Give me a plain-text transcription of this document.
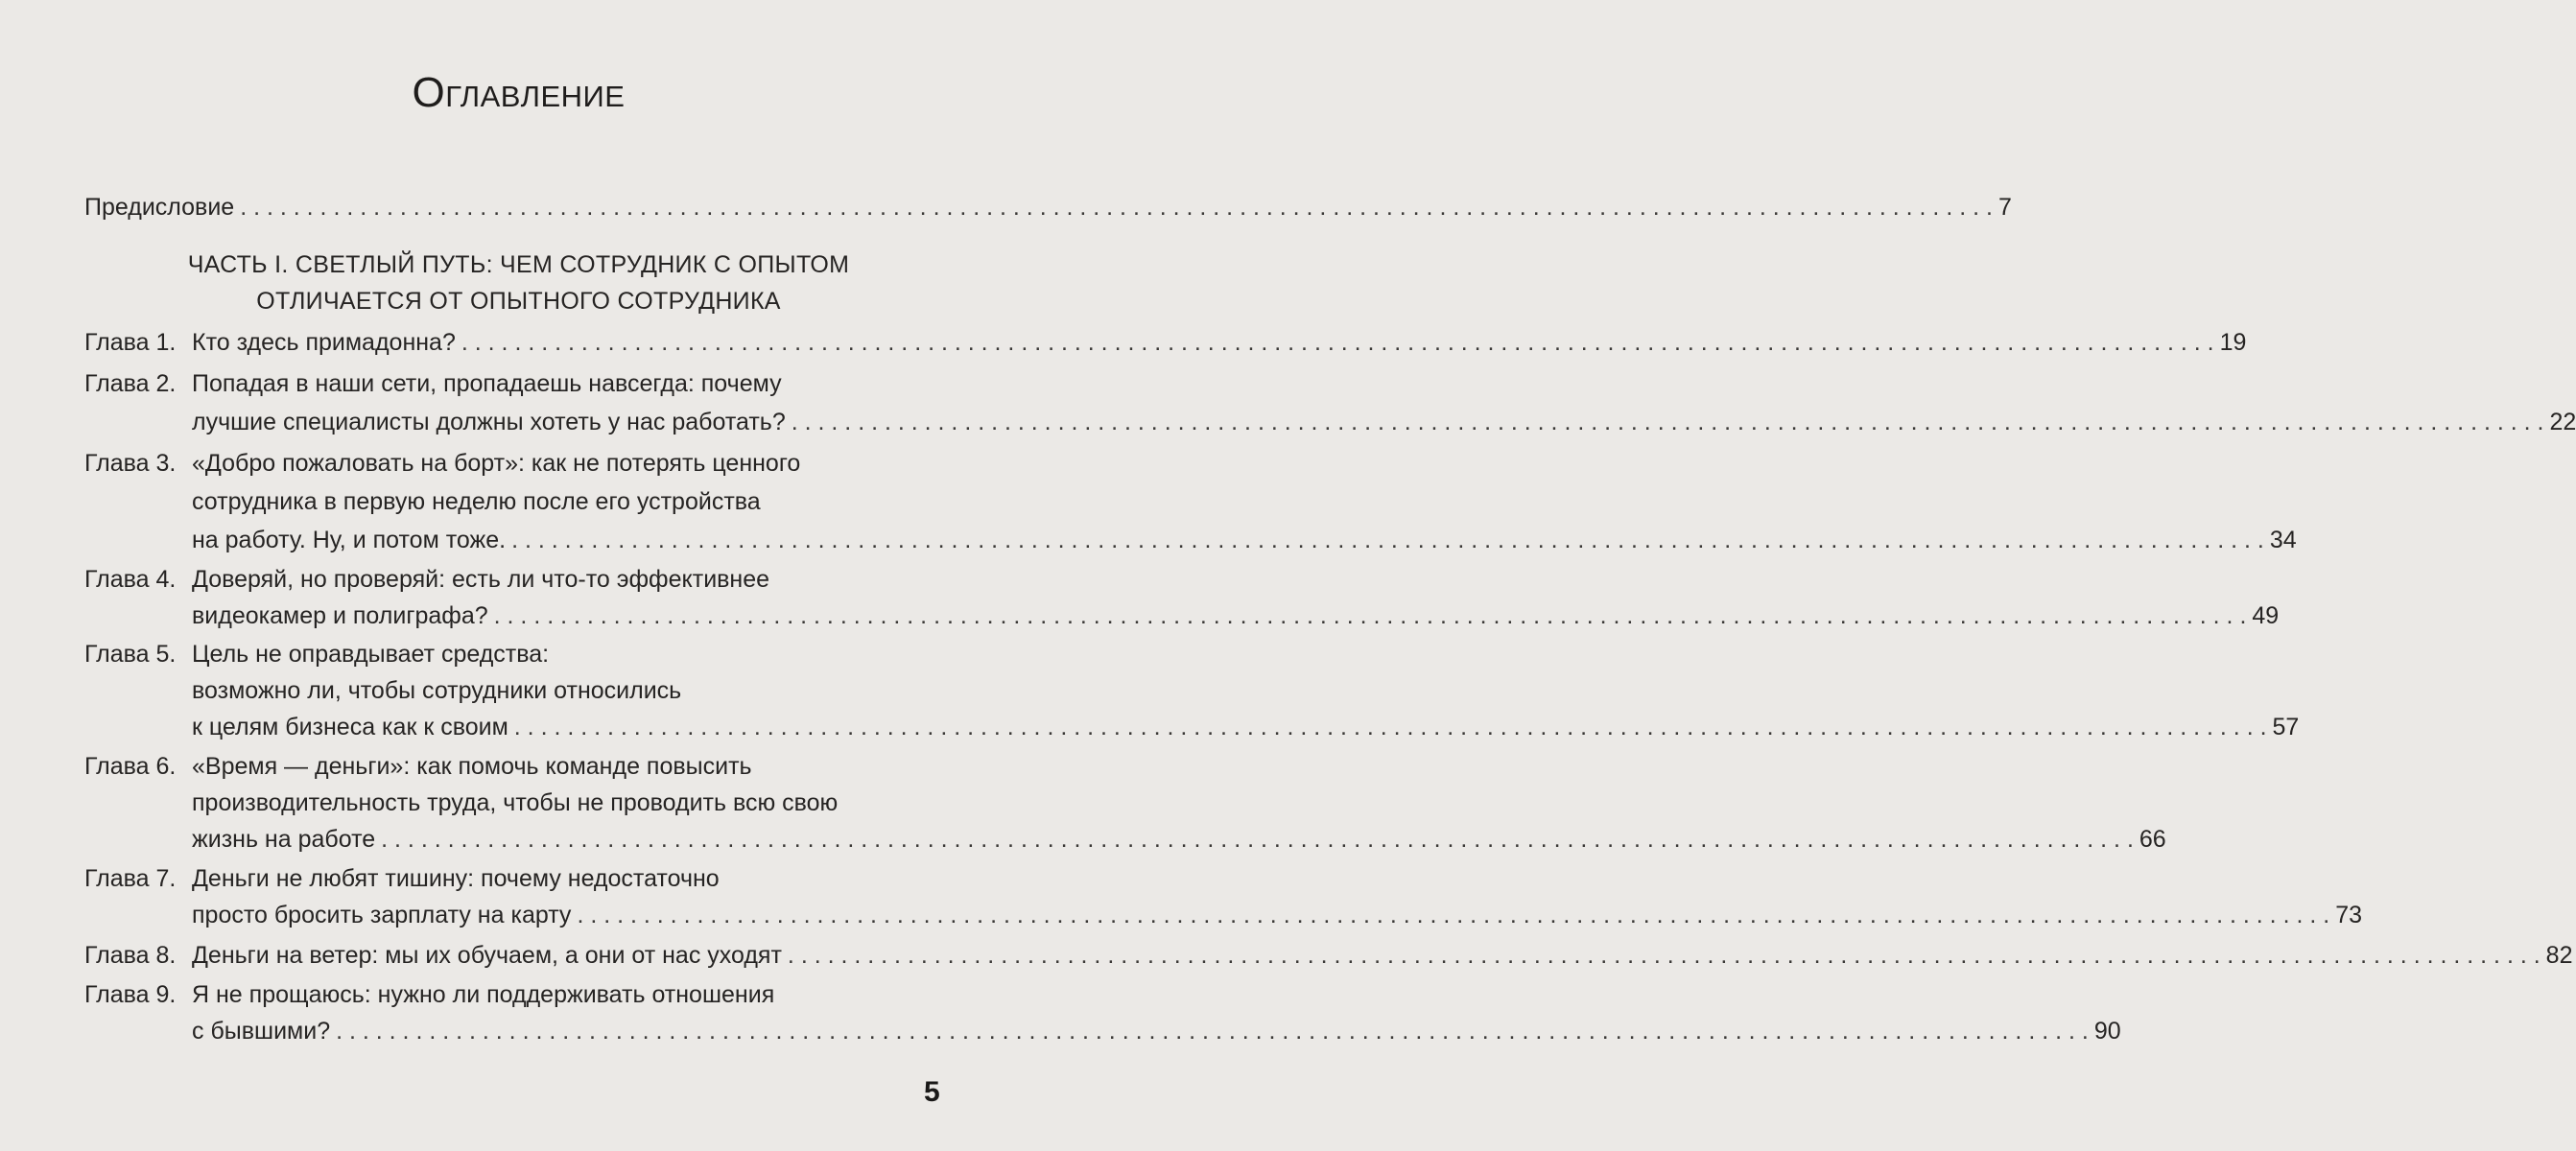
Оглавление
Предисловие . . .	7
ЧАСТЬ I. СВЕТЛЫЙ ПУТЬ: ЧЕМ СОТРУДНИК С ОПЫТОМ
ОТЛИЧАЕТСЯ ОТ ОПЫТНОГО СОТРУДНИКА
Глава 1. Кто здесь примадонна? . . .	19
Глава 2. Попадая в наши сети, пропадаешь навсегда: почему
лучшие специалисты должны хотеть у нас работать? . . .	22
Глава 3. «Добро пожаловать на борт»: как не потерять ценного
сотрудника в первую неделю после его устройства
на работу. Ну, и потом тоже. . . .	34
Глава 4. Доверяй, но проверяй: есть ли что-то эффективнее
видеокамер и полиграфа? . . .	49
Глава 5. Цель не оправдывает средства:
возможно ли, чтобы сотрудники относились
к целям бизнеса как к своим . . .	57
Глава 6. «Время — деньги»: как помочь команде повысить
производительность труда, чтобы не проводить всю свою
жизнь на работе . . .	66
Глава 7. Деньги не любят тишину: почему недостаточно
просто бросить зарплату на карту . . .	73
Глава 8. Деньги на ветер: мы их обучаем, а они от нас уходят . . .	82
Глава 9. Я не прощаюсь: нужно ли поддерживать отношения
с бывшими? . . .	90
5
